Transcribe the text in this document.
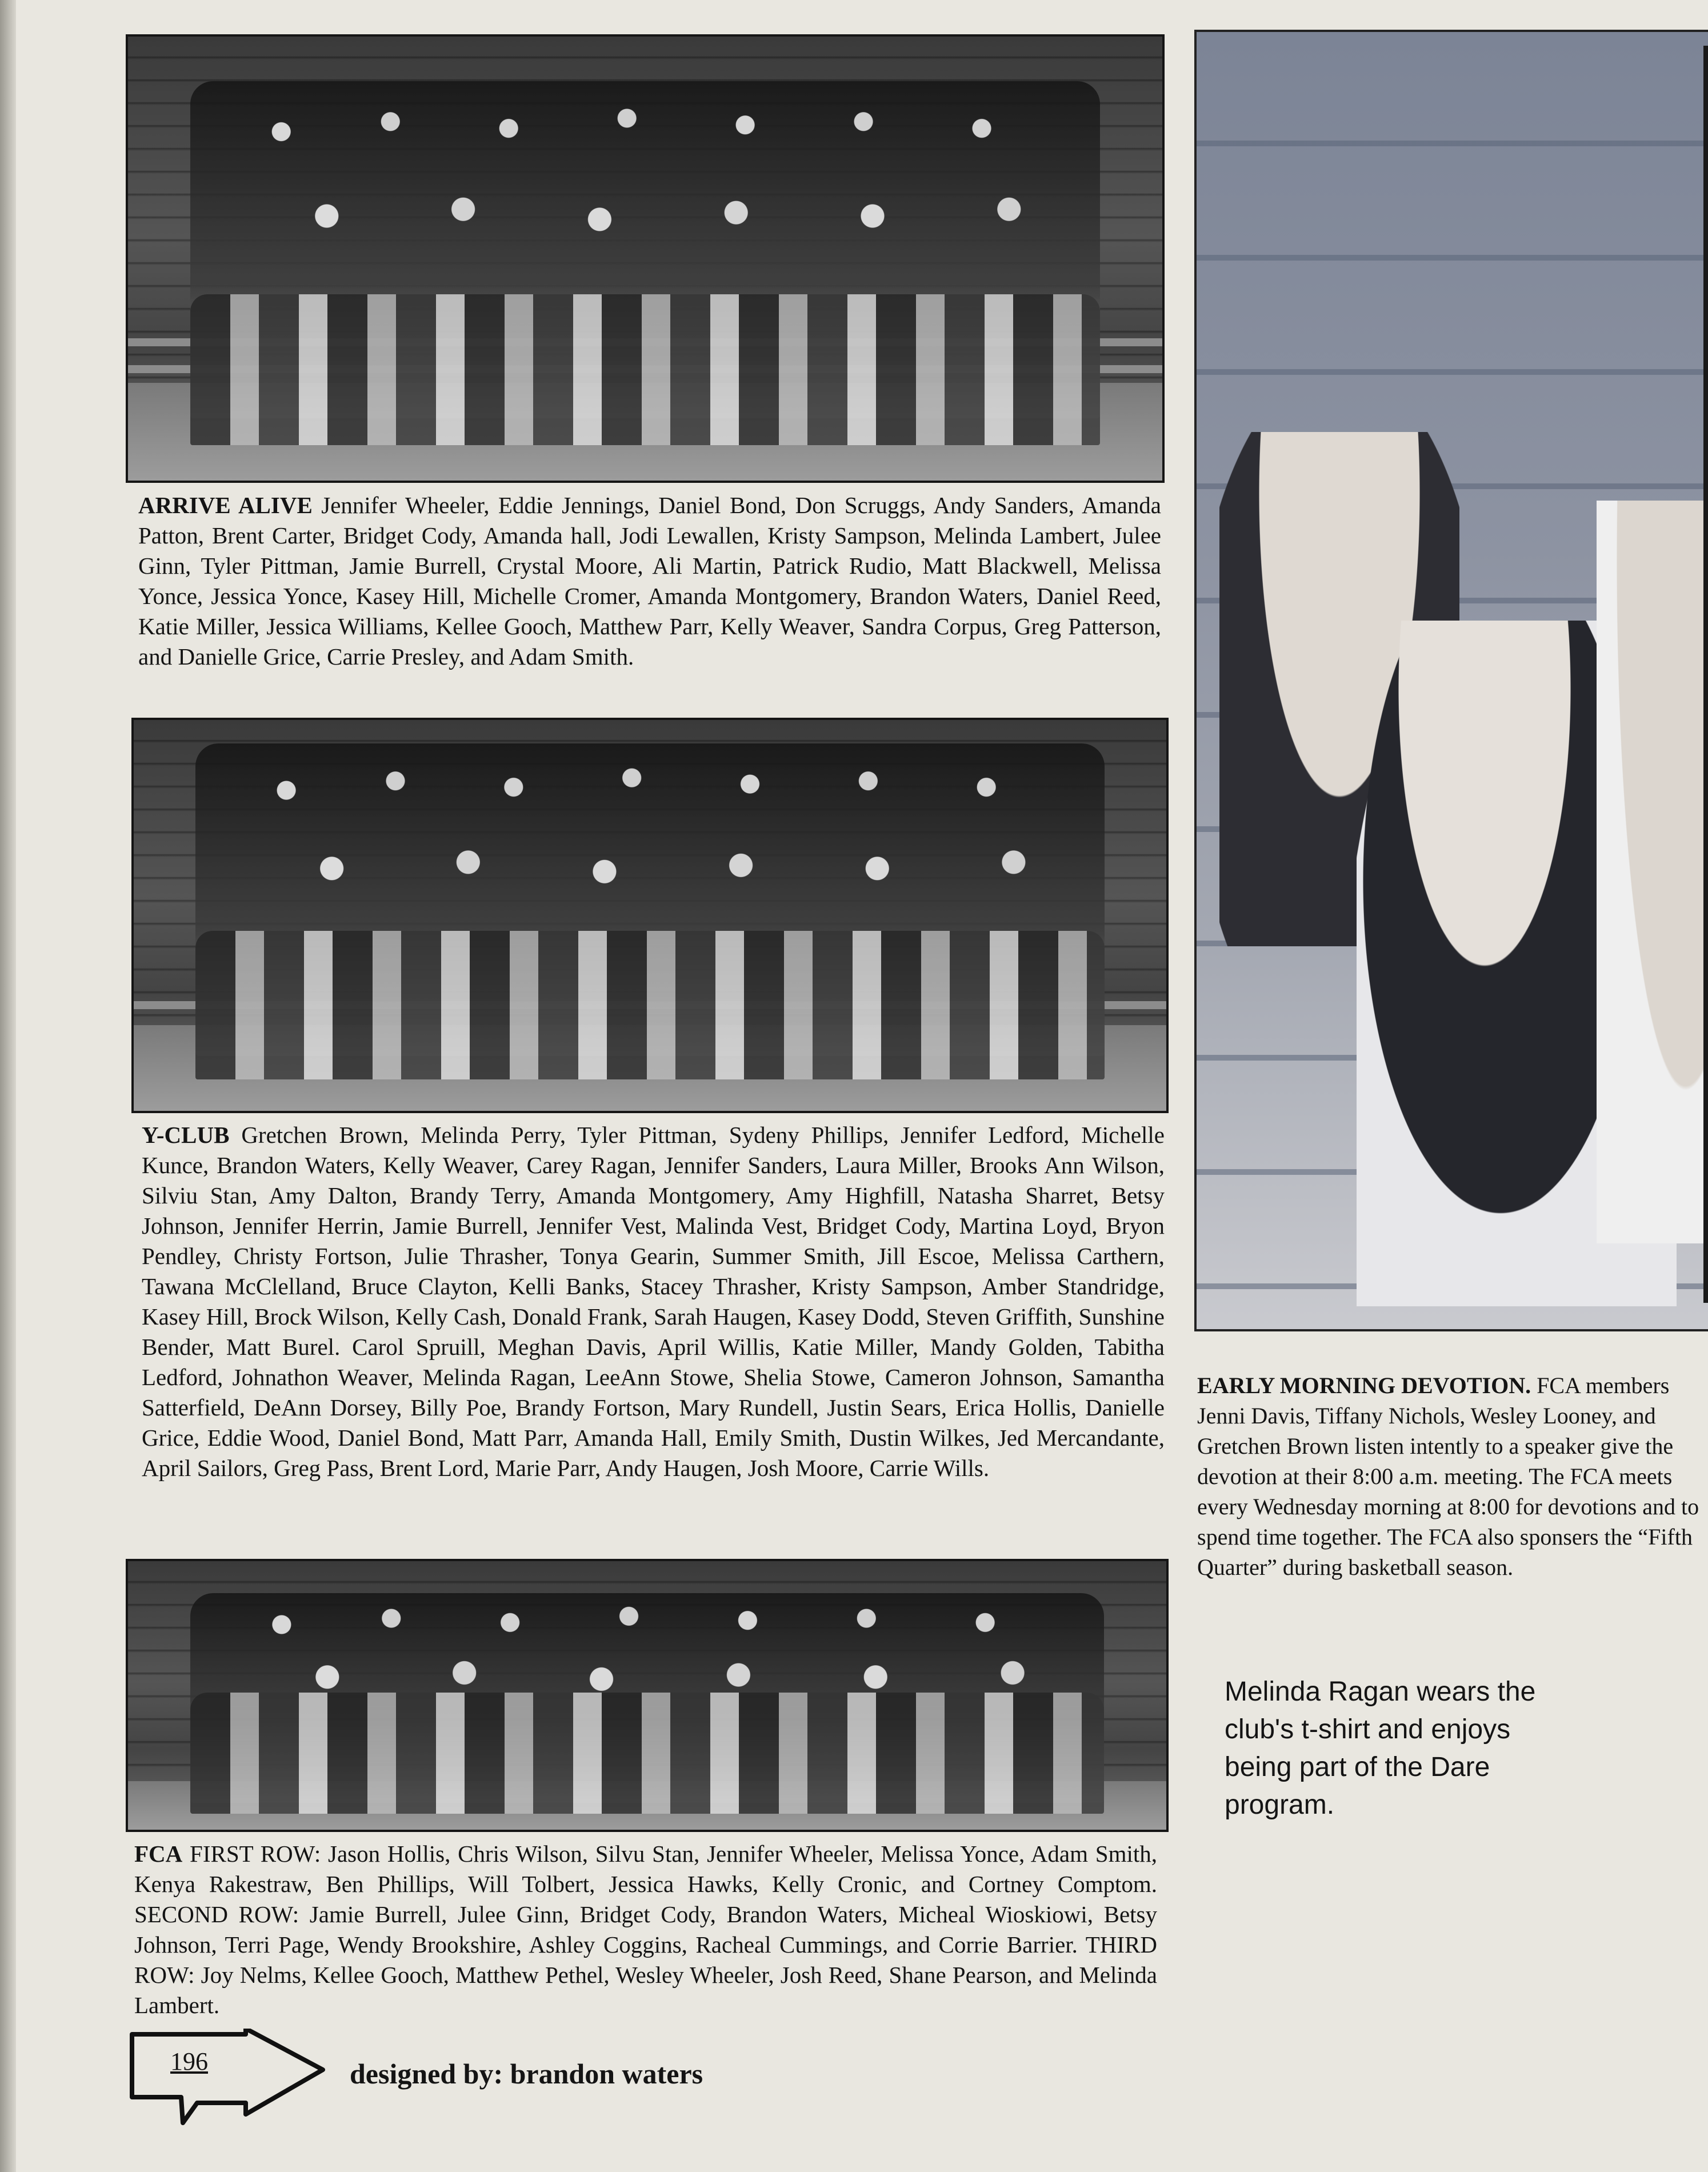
ARRIVE ALIVE Jennifer Wheeler, Eddie Jennings, Daniel Bond, Don Scruggs, Andy Sanders, Amanda Patton, Brent Carter, Bridget Cody, Amanda hall, Jodi Lewallen, Kristy Sampson, Melinda Lambert, Julee Ginn, Tyler Pittman, Jamie Burrell, Crystal Moore, Ali Martin, Patrick Rudio, Matt Blackwell, Melissa Yonce, Jessica Yonce, Kasey Hill, Michelle Cromer, Amanda Montgomery, Brandon Waters, Daniel Reed, Katie Miller, Jessica Williams, Kellee Gooch, Matthew Parr, Kelly Weaver, Sandra Corpus, Greg Patterson, and Danielle Grice, Carrie Presley, and Adam Smith.

Y-CLUB Gretchen Brown, Melinda Perry, Tyler Pittman, Sydeny Phillips, Jennifer Ledford, Michelle Kunce, Brandon Waters, Kelly Weaver, Carey Ragan, Jennifer Sanders, Laura Miller, Brooks Ann Wilson, Silviu Stan, Amy Dalton, Brandy Terry, Amanda Montgomery, Amy Highfill, Natasha Sharret, Betsy Johnson, Jennifer Herrin, Jamie Burrell, Jennifer Vest, Malinda Vest, Bridget Cody, Martina Loyd, Bryon Pendley, Christy Fortson, Julie Thrasher, Tonya Gearin, Summer Smith, Jill Escoe, Melissa Carthern, Tawana McClelland, Bruce Clayton, Kelli Banks, Stacey Thrasher, Kristy Sampson, Amber Standridge, Kasey Hill, Brock Wilson, Kelly Cash, Donald Frank, Sarah Haugen, Kasey Dodd, Steven Griffith, Sunshine Bender, Matt Burel. Carol Spruill, Meghan Davis, April Willis, Katie Miller, Mandy Golden, Tabitha Ledford, Johnathon Weaver, Melinda Ragan, LeeAnn Stowe, Shelia Stowe, Cameron Johnson, Samantha Satterfield, DeAnn Dorsey, Billy Poe, Brandy Fortson, Mary Rundell, Justin Sears, Erica Hollis, Danielle Grice, Eddie Wood, Daniel Bond, Matt Parr, Amanda Hall, Emily Smith, Dustin Wilkes, Jed Mercandante, April Sailors, Greg Pass, Brent Lord, Marie Parr, Andy Haugen, Josh Moore, Carrie Wills.

FCA FIRST ROW: Jason Hollis, Chris Wilson, Silvu Stan, Jennifer Wheeler, Melissa Yonce, Adam Smith, Kenya Rakestraw, Ben Phillips, Will Tolbert, Jessica Hawks, Kelly Cronic, and Cortney Comptom. SECOND ROW: Jamie Burrell, Julee Ginn, Bridget Cody, Brandon Waters, Micheal Wioskiowi, Betsy Johnson, Terri Page, Wendy Brookshire, Ashley Coggins, Racheal Cummings, and Corrie Barrier. THIRD ROW: Joy Nelms, Kellee Gooch, Matthew Pethel, Wesley Wheeler, Josh Reed, Shane Pearson, and Melinda Lambert.

EARLY MORNING DEVOTION. FCA members Jenni Davis, Tiffany Nichols, Wesley Looney, and Gretchen Brown listen intently to a speaker give the devotion at their 8:00 a.m. meeting. The FCA meets every Wednesday morning at 8:00 for devotions and to spend time together. The FCA also sponsers the “Fifth Quarter” during basketball season.

Melinda Ragan wears the club's t-shirt and enjoys being part of the Dare program.

196	designed by: brandon waters
